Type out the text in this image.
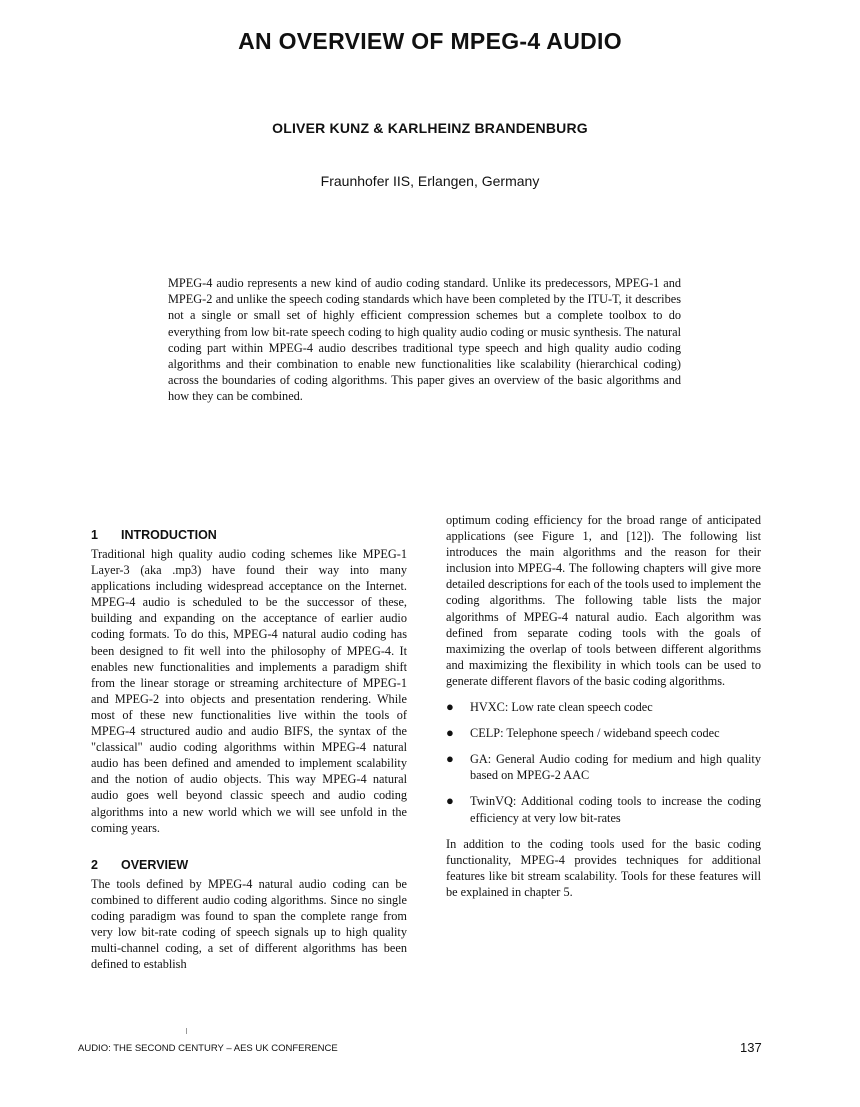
AN OVERVIEW OF MPEG-4 AUDIO

OLIVER KUNZ & KARLHEINZ BRANDENBURG

Fraunhofer IIS, Erlangen, Germany

MPEG-4 audio represents a new kind of audio coding standard. Unlike its predecessors, MPEG-1 and MPEG-2 and unlike the speech coding standards which have been completed by the ITU-T, it describes not a single or small set of highly efficient compression schemes but a complete toolbox to do everything from low bit-rate speech coding to high quality audio coding or music synthesis. The natural coding part within MPEG-4 audio describes traditional type speech and high quality audio coding algorithms and their combination to enable new functionalities like scalability (hierarchical coding) across the boundaries of coding algorithms. This paper gives an overview of the basic algorithms and how they can be combined.

1	INTRODUCTION

Traditional high quality audio coding schemes like MPEG-1 Layer-3 (aka .mp3) have found their way into many applications including widespread acceptance on the Internet. MPEG-4 audio is scheduled to be the successor of these, building and expanding on the acceptance of earlier audio coding formats. To do this, MPEG-4 natural audio coding has been designed to fit well into the philosophy of MPEG-4. It enables new functionalities and implements a paradigm shift from the linear storage or streaming architecture of MPEG-1 and MPEG-2 into objects and presentation rendering. While most of these new functionalities live within the tools of MPEG-4 structured audio and audio BIFS, the syntax of the "classical" audio coding algorithms within MPEG-4 natural audio has been defined and amended to implement scalability and the notion of audio objects. This way MPEG-4 natural audio goes well beyond classic speech and audio coding algorithms into a new world which we will see unfold in the coming years.

2	OVERVIEW

The tools defined by MPEG-4 natural audio coding can be combined to different audio coding algorithms. Since no single coding paradigm was found to span the complete range from very low bit-rate coding of speech signals up to high quality multi-channel coding, a set of different algorithms has been defined to establish

optimum coding efficiency for the broad range of anticipated applications (see Figure 1, and [12]). The following list introduces the main algorithms and the reason for their inclusion into MPEG-4. The following chapters will give more detailed descriptions for each of the tools used to implement the coding algorithms. The following table lists the major algorithms of MPEG-4 natural audio. Each algorithm was defined from separate coding tools with the goals of maximizing the overlap of tools between different algorithms and maximizing the flexibility in which tools can be used to generate different flavors of the basic coding algorithms.

●	HVXC: Low rate clean speech codec
●	CELP: Telephone speech / wideband speech codec
●	GA: General Audio coding for medium and high quality based on MPEG-2 AAC
●	TwinVQ: Additional coding tools to increase the coding efficiency at very low bit-rates

In addition to the coding tools used for the basic coding functionality, MPEG-4 provides techniques for additional features like bit stream scalability. Tools for these features will be explained in chapter 5.

AUDIO: THE SECOND CENTURY – AES UK CONFERENCE	137
